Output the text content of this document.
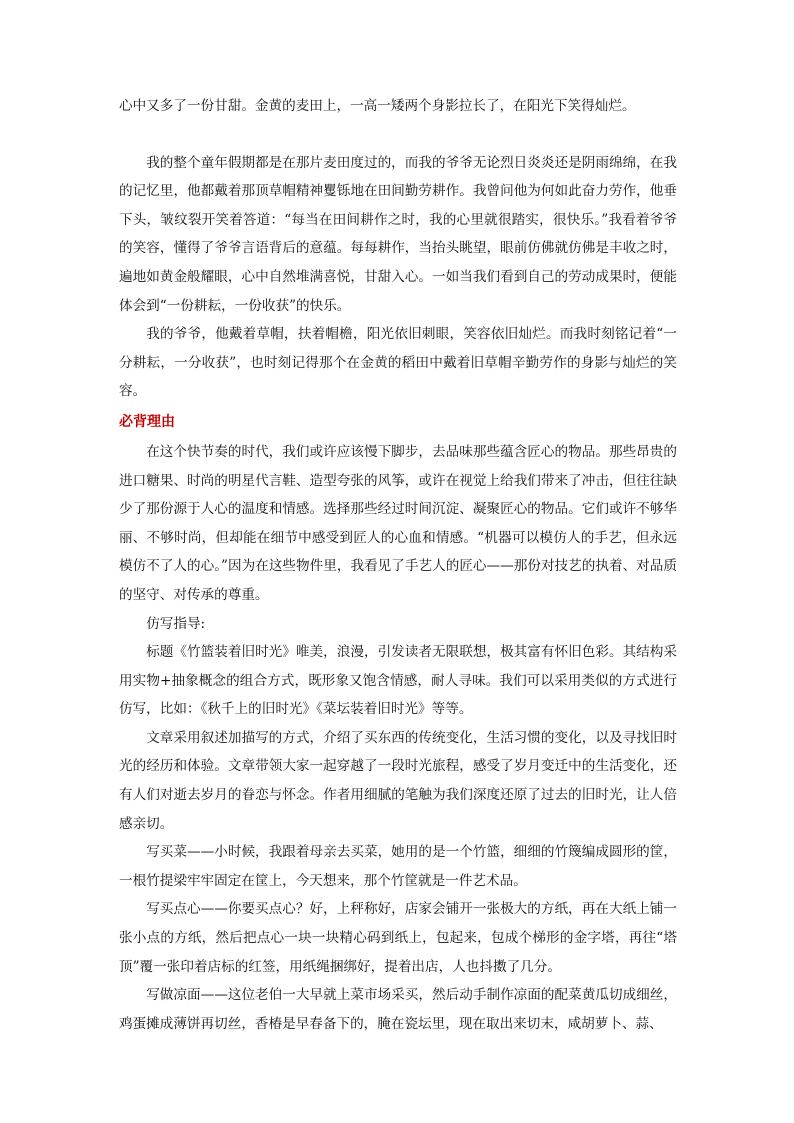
心中又多了一份甘甜。金黄的麦田上，一高一矮两个身影拉长了，在阳光下笑得灿烂。

我的整个童年假期都是在那片麦田度过的，而我的爷爷无论烈日炎炎还是阴雨绵绵，在我的记忆里，他都戴着那顶草帽精神矍铄地在田间勤劳耕作。我曾问他为何如此奋力劳作，他垂下头，皱纹裂开笑着答道：“每当在田间耕作之时，我的心里就很踏实，很快乐。”我看着爷爷的笑容，懂得了爷爷言语背后的意蕴。每每耕作，当抬头眺望，眼前仿佛就仿佛是丰收之时，遍地如黄金般耀眼，心中自然堆满喜悦，甘甜入心。一如当我们看到自己的劳动成果时，便能体会到“一份耕耘，一份收获”的快乐。

我的爷爷，他戴着草帽，扶着帽檐，阳光依旧刺眼，笑容依旧灿烂。而我时刻铭记着“一分耕耘，一分收获”，也时刻记得那个在金黄的稻田中戴着旧草帽辛勤劳作的身影与灿烂的笑容。

必背理由

在这个快节奏的时代，我们或许应该慢下脚步，去品味那些蕴含匠心的物品。那些昂贵的进口糖果、时尚的明星代言鞋、造型夸张的风筝，或许在视觉上给我们带来了冲击，但往往缺少了那份源于人心的温度和情感。选择那些经过时间沉淀、凝聚匠心的物品。它们或许不够华丽、不够时尚，但却能在细节中感受到匠人的心血和情感。“机器可以模仿人的手艺，但永远模仿不了人的心。”因为在这些物件里，我看见了手艺人的匠心——那份对技艺的执着、对品质的坚守、对传承的尊重。

仿写指导:

标题《竹篮装着旧时光》唯美，浪漫，引发读者无限联想，极其富有怀旧色彩。其结构采用实物+抽象概念的组合方式，既形象又饱含情感，耐人寻味。我们可以采用类似的方式进行仿写，比如：《秋千上的旧时光》《菜坛装着旧时光》等等。

文章采用叙述加描写的方式，介绍了买东西的传统变化，生活习惯的变化，以及寻找旧时光的经历和体验。文章带领大家一起穿越了一段时光旅程，感受了岁月变迁中的生活变化，还有人们对逝去岁月的眷恋与怀念。作者用细腻的笔触为我们深度还原了过去的旧时光，让人倍感亲切。

写买菜——小时候，我跟着母亲去买菜，她用的是一个竹篮，细细的竹篾编成圆形的筐，一根竹提梁牢牢固定在筐上，今天想来，那个竹筐就是一件艺术品。

写买点心——你要买点心？好，上秤称好，店家会铺开一张极大的方纸，再在大纸上铺一张小点的方纸，然后把点心一块一块精心码到纸上，包起来，包成个梯形的金字塔，再往“塔顶”覆一张印着店标的红签，用纸绳捆绑好，提着出店，人也抖擞了几分。

写做凉面——这位老伯一大早就上菜市场采买，然后动手制作凉面的配菜黄瓜切成细丝，鸡蛋摊成薄饼再切丝，香椿是早春备下的，腌在瓷坛里，现在取出来切末，咸胡萝卜、蒜、
